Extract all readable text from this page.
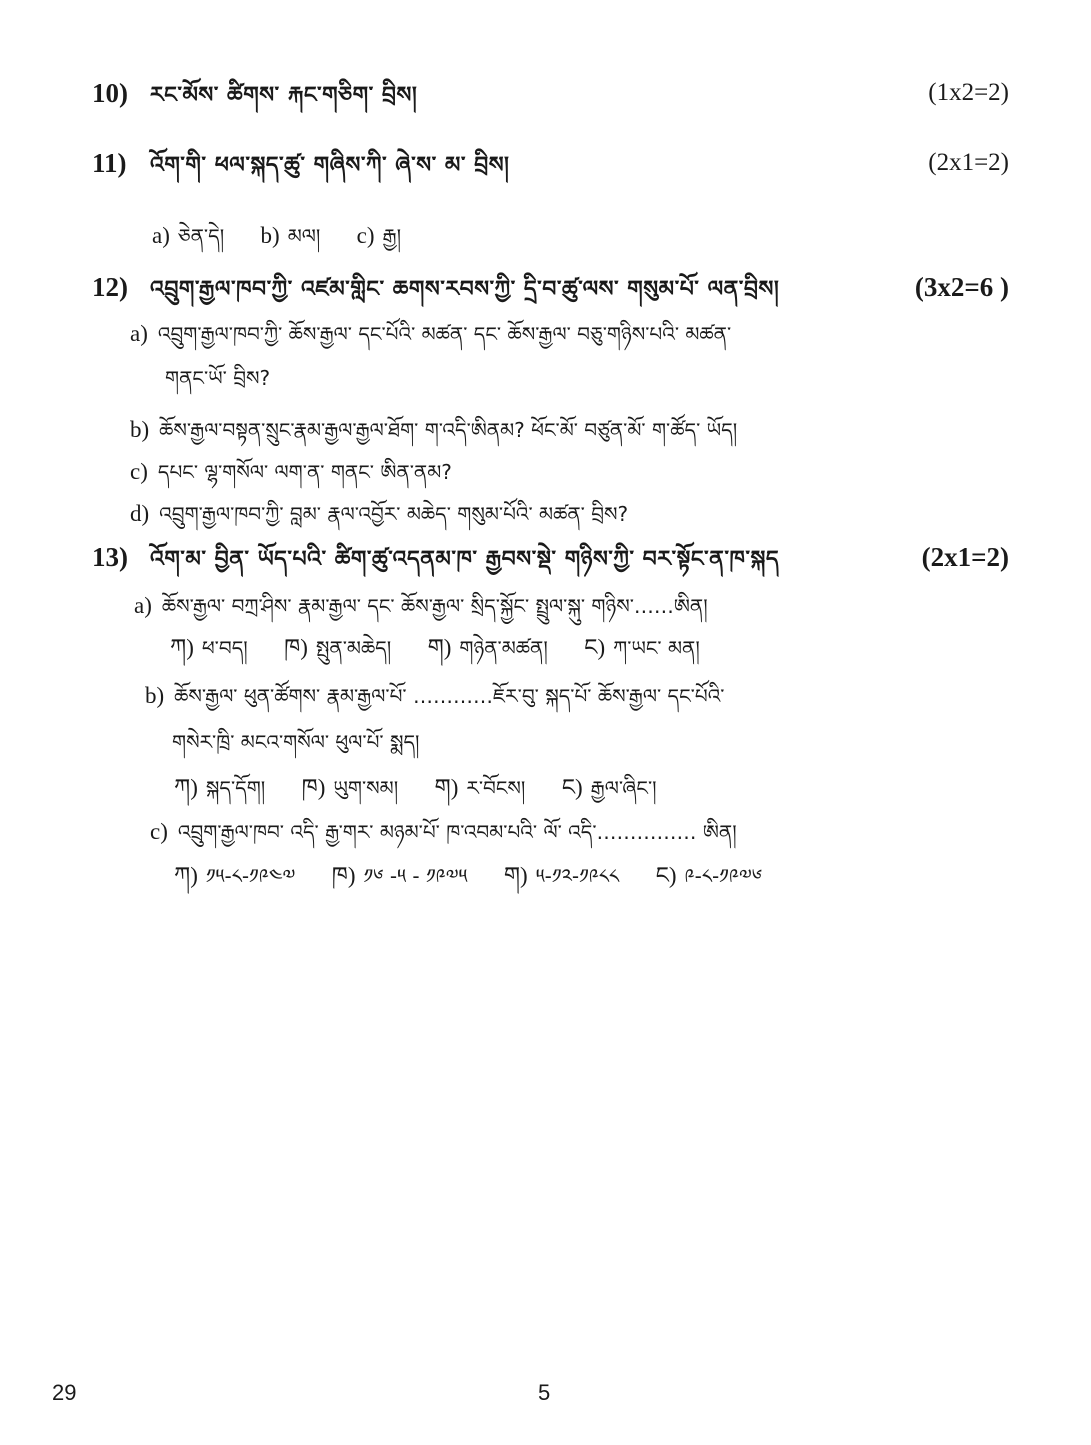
10) རང་མོས་ ཚིགས་ རྐང་གཅིག་ བྲིས།	(1x2=2)
11) འོག་གི་ ཕལ་སྐད་ཚུ་ གཞིས་ཀི་ ཞེ་ས་ མ་ བྲིས།	(2x1=2)
a) ཅེན་དེ། b) མལ། c) རྒྱ།
12) འབྲུག་རྒྱལ་ཁབ་ཀྱི་ འཛམ་གླིང་ ཆགས་རབས་ཀྱི་ དྲི་བ་ཚུ་ལས་ གསུམ་པོ་ ལན་བྲིས།	(3x2=6 )
a) འབྲུག་རྒྱལ་ཁབ་ཀྱི་ ཆོས་རྒྱལ་ དང་པོའི་ མཚན་ དང་ ཆོས་རྒྱལ་ བཅུ་གཉིས་པའི་ མཚན་
གནང་ཡོ་ བྲིས?
b) ཆོས་རྒྱལ་བསྟན་སྲུང་རྣམ་རྒྱལ་རྒྱལ་ཐོག་ ག་འདི་ཨིནམ? ཕོང་མོ་ བཙུན་མོ་ ག་ཚོད་ ཡོད།
c) དཔང་ ལྷ་གསོལ་ ལག་ན་ གནང་ ཨིན་ནམ?
d) འབྲུག་རྒྱལ་ཁབ་ཀྱི་ བླམ་ རྣལ་འབྱོར་ མཆེད་ གསུམ་པོའི་ མཚན་ བྲིས?
13) འོག་མ་ བྱིན་ ཡོད་པའི་ ཚིག་ཚུ་འདནམ་ཁ་ རྒྱབས་སྡེ་ གཉིས་ཀྱི་ བར་སྟོང་ན་ཁ་སྐད	(2x1=2)
a) ཆོས་རྒྱལ་ བཀྲ་ཤིས་ རྣམ་རྒྱལ་ དང་ ཆོས་རྒྱལ་ སྲིད་སྐྱོང་ སྤྲུལ་སྐུ་ གཉིས་……ཨིན།
ཀ) ཕ་བད། ཁ) སྤུན་མཆེད། ག) གཉེན་མཚན། ང) ཀ་ཡང་ མན།
b) ཆོས་རྒྱལ་ ཕུན་ཚོགས་ རྣམ་རྒྱལ་པོ་ …………ཇོར་བུ་ སྐད་པོ་ ཆོས་རྒྱལ་ དང་པོའི་
གསེར་ཁྲི་ མངའ་གསོལ་ ཕུལ་པོ་ སྨད།
ཀ) སྐད་དོག། ཁ) ཡུག་སམ། ག) ར་བོངས། ང) རྒྱལ་ཞིང་།
c) འབྲུག་རྒྱལ་ཁབ་ འདི་ རྒྱ་གར་ མཉམ་པོ་ ཁ་འབམ་པའི་ ལོ་ འདི་…………… ཨིན།
ཀ) ༡༥-༨-༡༩༤༧ ཁ) ༡༦ -༥ - ༡༩༧༥ ག) ༥-༡༢-༡༩༨༨ ང) ༩-༨-༡༩༧༦
29	5
